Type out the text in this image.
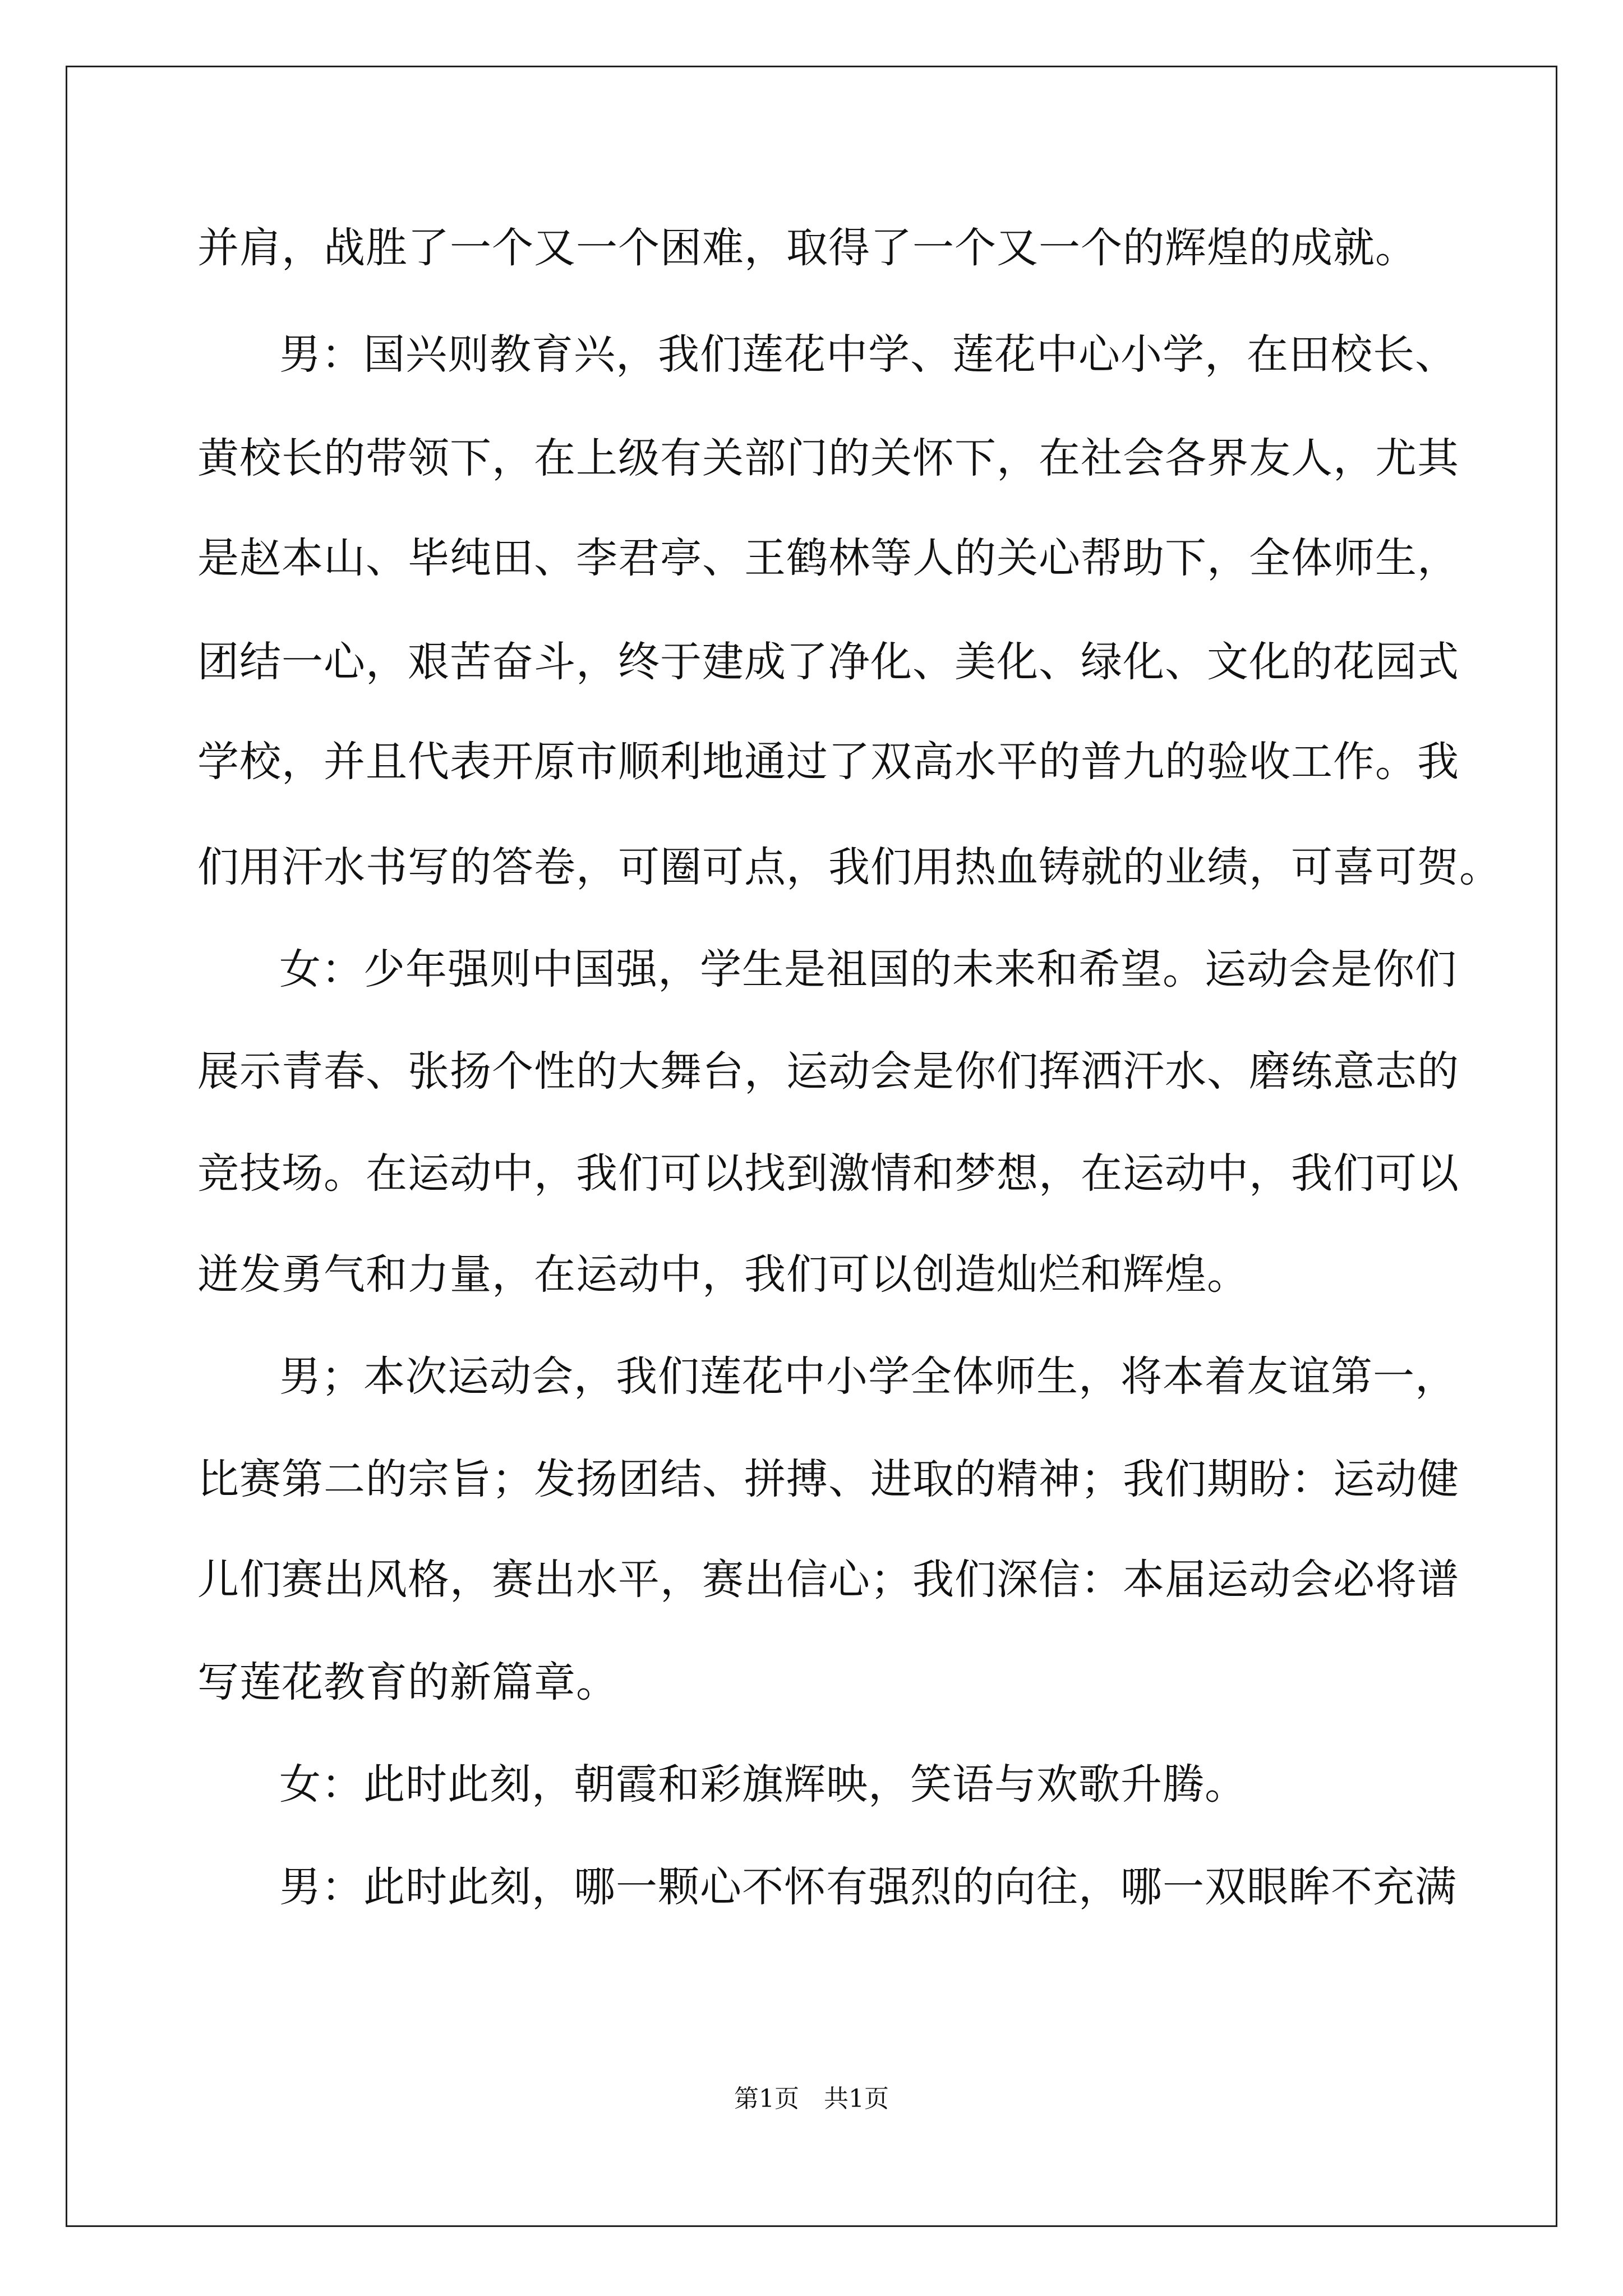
并肩，战胜了一个又一个困难，取得了一个又一个的辉煌的成就。
男：国兴则教育兴，我们莲花中学、莲花中心小学，在田校长、
黄校长的带领下，在上级有关部门的关怀下，在社会各界友人，尤其
是赵本山、毕纯田、李君亭、王鹤林等人的关心帮助下，全体师生，
团结一心，艰苦奋斗，终于建成了净化、美化、绿化、文化的花园式
学校，并且代表开原市顺利地通过了双高水平的普九的验收工作。我
们用汗水书写的答卷，可圈可点，我们用热血铸就的业绩，可喜可贺。
女：少年强则中国强，学生是祖国的未来和希望。运动会是你们
展示青春、张扬个性的大舞台，运动会是你们挥洒汗水、磨练意志的
竞技场。在运动中，我们可以找到激情和梦想，在运动中，我们可以
迸发勇气和力量，在运动中，我们可以创造灿烂和辉煌。
男；本次运动会，我们莲花中小学全体师生，将本着友谊第一，
比赛第二的宗旨；发扬团结、拼搏、进取的精神；我们期盼：运动健
儿们赛出风格，赛出水平，赛出信心；我们深信：本届运动会必将谱
写莲花教育的新篇章。
女：此时此刻，朝霞和彩旗辉映，笑语与欢歌升腾。
男：此时此刻，哪一颗心不怀有强烈的向往，哪一双眼眸不充满
第1页　共1页
